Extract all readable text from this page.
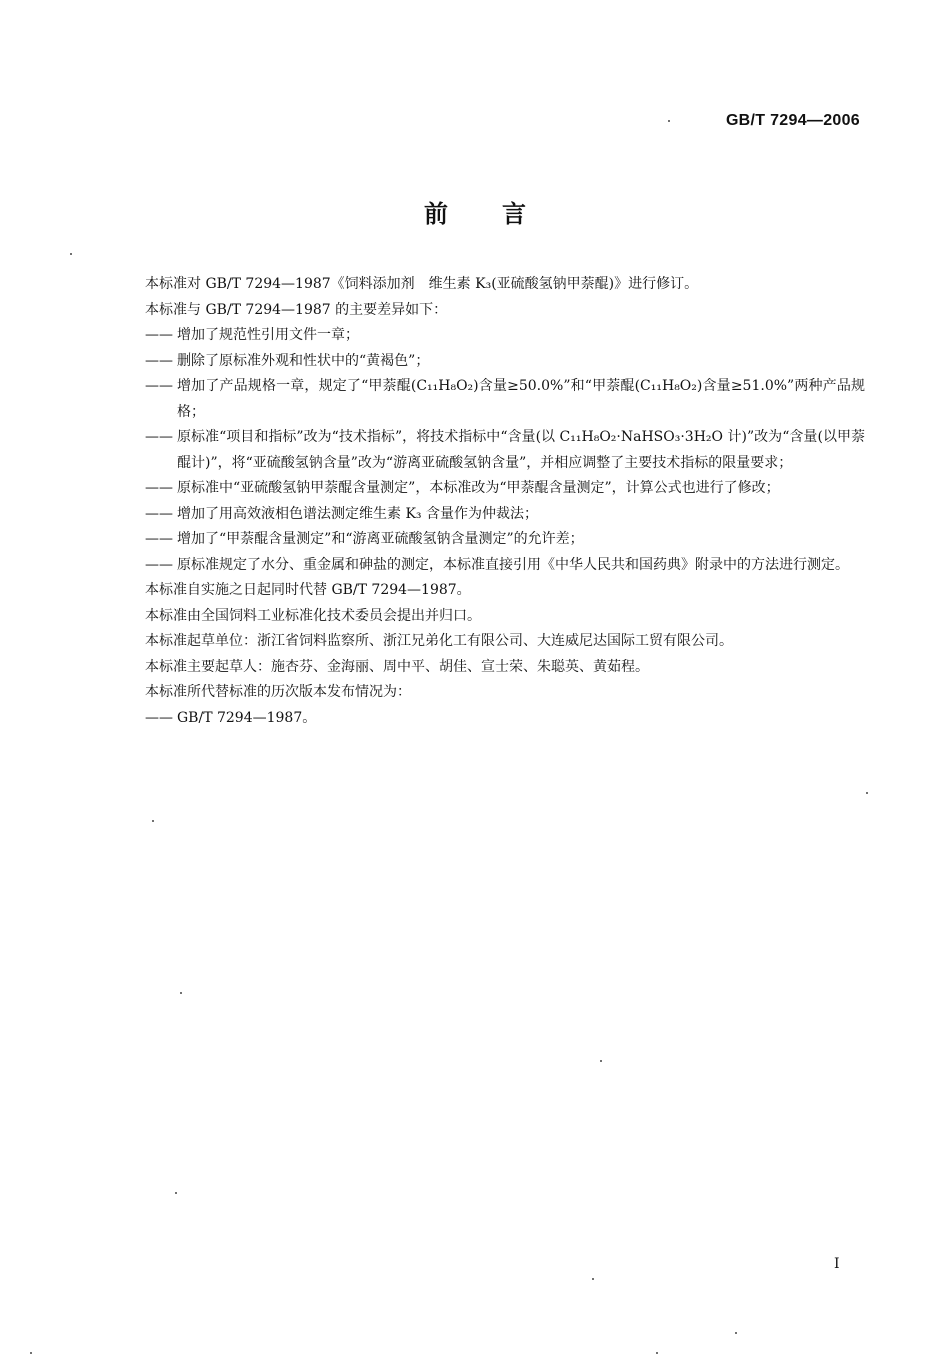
GB/T 7294—2006
前言
本标准对 GB/T 7294—1987《饲料添加剂　维生素 K₃(亚硫酸氢钠甲萘醌)》进行修订。
本标准与 GB/T 7294—1987 的主要差异如下：
—— 增加了规范性引用文件一章；
—— 删除了原标准外观和性状中的“黄褐色”；
—— 增加了产品规格一章，规定了“甲萘醌(C₁₁H₈O₂)含量≥50.0%”和“甲萘醌(C₁₁H₈O₂)含量≥51.0%”两种产品规格；
—— 原标准“项目和指标”改为“技术指标”，将技术指标中“含量(以 C₁₁H₈O₂·NaHSO₃·3H₂O 计)”改为“含量(以甲萘醌计)”，将“亚硫酸氢钠含量”改为“游离亚硫酸氢钠含量”，并相应调整了主要技术指标的限量要求；
—— 原标准中“亚硫酸氢钠甲萘醌含量测定”，本标准改为“甲萘醌含量测定”，计算公式也进行了修改；
—— 增加了用高效液相色谱法测定维生素 K₃ 含量作为仲裁法；
—— 增加了“甲萘醌含量测定”和“游离亚硫酸氢钠含量测定”的允许差；
—— 原标准规定了水分、重金属和砷盐的测定，本标准直接引用《中华人民共和国药典》附录中的方法进行测定。
本标准自实施之日起同时代替 GB/T 7294—1987。
本标准由全国饲料工业标准化技术委员会提出并归口。
本标准起草单位：浙江省饲料监察所、浙江兄弟化工有限公司、大连威尼达国际工贸有限公司。
本标准主要起草人：施杏芬、金海丽、周中平、胡佳、宣士荣、朱聪英、黄茹程。
本标准所代替标准的历次版本发布情况为：
—— GB/T 7294—1987。
I
